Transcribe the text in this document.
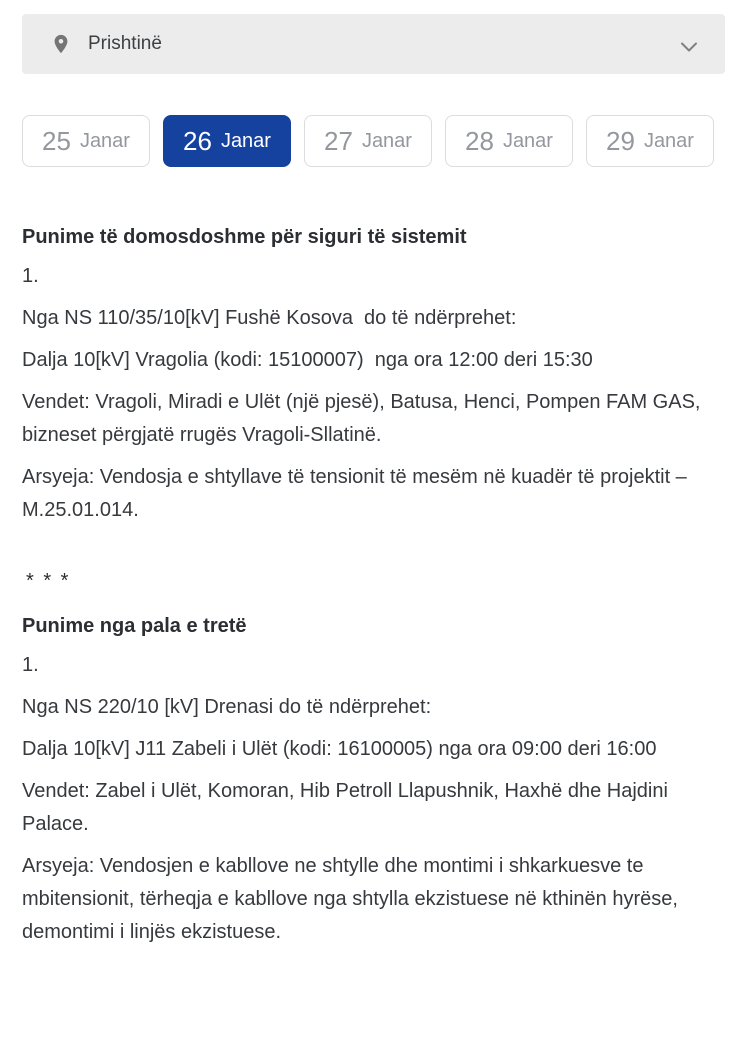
Prishtinë
25 Janar 26 Janar 27 Janar 28 Janar 29 Janar
Punime të domosdoshme për siguri të sistemit

1.

Nga NS 110/35/10[kV] Fushë Kosova  do të ndërprehet:

Dalja 10[kV] Vragolia (kodi: 15100007)  nga ora 12:00 deri 15:30

Vendet: Vragoli, Miradi e Ulët (një pjesë), Batusa, Henci, Pompen FAM GAS, bizneset përgjatë rrugës Vragoli-Sllatinë.

Arsyeja: Vendosja e shtyllave të tensionit të mesëm në kuadër të projektit – M.25.01.014.

* * *

Punime nga pala e tretë

1.

Nga NS 220/10 [kV] Drenasi do të ndërprehet:

Dalja 10[kV] J11 Zabeli i Ulët (kodi: 16100005) nga ora 09:00 deri 16:00

Vendet: Zabel i Ulët, Komoran, Hib Petroll Llapushnik, Haxhë dhe Hajdini Palace.

Arsyeja: Vendosjen e kabllove ne shtylle dhe montimi i shkarkuesve te mbitensionit, tërheqja e kabllove nga shtylla ekzistuese në kthinën hyrëse, demontimi i linjës ekzistuese.
